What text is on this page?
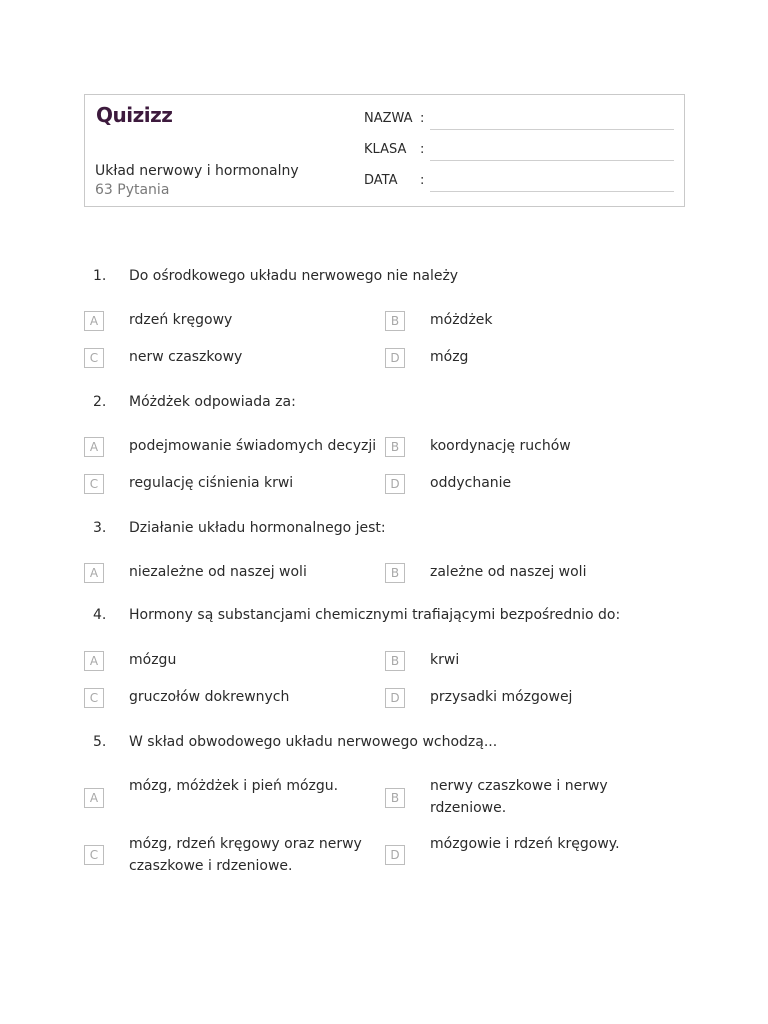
Quizizz
Układ nerwowy i hormonalny
63 Pytania
NAZWA :
KLASA :
DATA :
1. Do ośrodkowego układu nerwowego nie należy
A	rdzeń kręgowy	B	móżdżek
C	nerw czaszkowy	D	mózg
2. Móżdżek odpowiada za:
A	podejmowanie świadomych decyzji	B	koordynację ruchów
C	regulację ciśnienia krwi	D	oddychanie
3. Działanie układu hormonalnego jest:
A	niezależne od naszej woli	B	zależne od naszej woli
4. Hormony są substancjami chemicznymi trafiającymi bezpośrednio do:
A	mózgu	B	krwi
C	gruczołów dokrewnych	D	przysadki mózgowej
5. W skład obwodowego układu nerwowego wchodzą...
A
mózg, móżdżek i pień mózgu.
B
nerwy czaszkowe i nerwy rdzeniowe.
C
mózg, rdzeń kręgowy oraz nerwy czaszkowe i rdzeniowe.
D
mózgowie i rdzeń kręgowy.
